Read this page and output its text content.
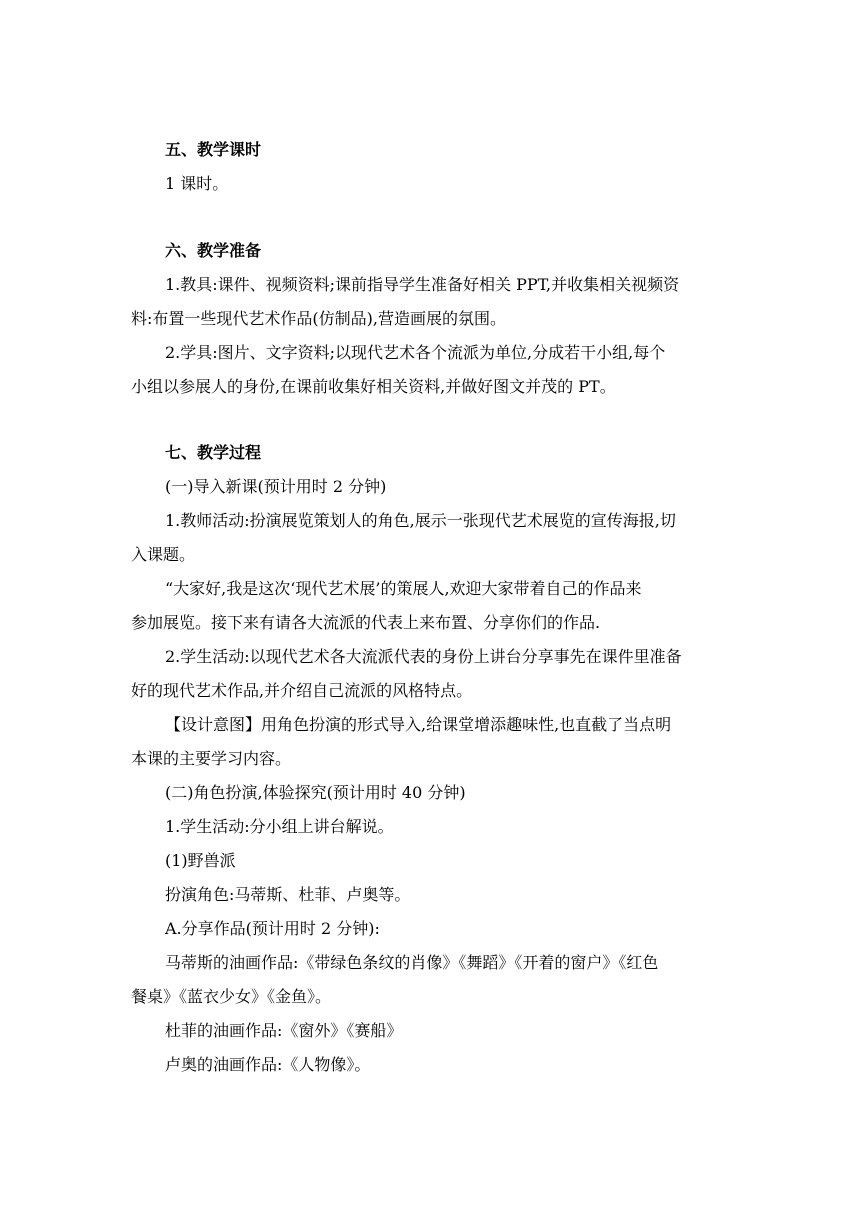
五、教学课时
1 课时。
六、教学准备
1.教具:课件、视频资料;课前指导学生准备好相关 PPT,并收集相关视频资
料:布置一些现代艺术作品(仿制品),营造画展的氛围。
2.学具:图片、文字资料;以现代艺术各个流派为单位,分成若干小组,每个
小组以参展人的身份,在课前收集好相关资料,并做好图文并茂的 PT。
七、教学过程
(一)导入新课(预计用时 2 分钟)
1.教师活动:扮演展览策划人的角色,展示一张现代艺术展览的宣传海报,切
入课题。
“大家好,我是这次‘现代艺术展’的策展人,欢迎大家带着自己的作品来
参加展览。接下来有请各大流派的代表上来布置、分享你们的作品.
2.学生活动:以现代艺术各大流派代表的身份上讲台分享事先在课件里准备
好的现代艺术作品,并介绍自己流派的风格特点。
【设计意图】用角色扮演的形式导入,给课堂增添趣味性,也直截了当点明
本课的主要学习内容。
(二)角色扮演,体验探究(预计用时 40 分钟)
1.学生活动:分小组上讲台解说。
(1)野兽派
扮演角色:马蒂斯、杜菲、卢奥等。
A.分享作品(预计用时 2 分钟):
马蒂斯的油画作品:《带绿色条纹的肖像》《舞蹈》《开着的窗户》《红色
餐桌》《蓝衣少女》《金鱼》。
杜菲的油画作品:《窗外》《赛船》
卢奥的油画作品:《人物像》。
